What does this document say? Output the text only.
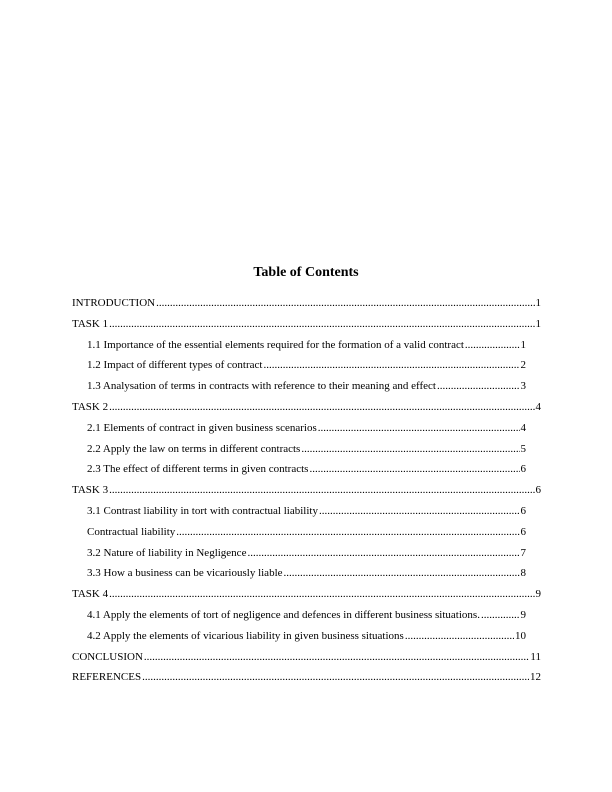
Table of Contents
INTRODUCTION .....	1
TASK 1 .....	1
1.1 Importance of the essential elements required for the formation of a valid contract .....	1
1.2 Impact of different types of contract .....	2
1.3 Analysation of terms in contracts with reference to their meaning and effect .....	3
TASK 2 .....	4
2.1 Elements of contract in given business scenarios .....	4
2.2 Apply the law on terms in different contracts .....	5
2.3 The effect of different terms in given contracts .....	6
TASK 3 .....	6
3.1 Contrast liability in tort with contractual liability .....	6
Contractual liability .....	6
3.2 Nature of liability in Negligence .....	7
3.3 How a business can be vicariously liable .....	8
TASK 4 .....	9
4.1 Apply the elements of tort of negligence and defences in different business situations. .....	9
4.2 Apply the elements of vicarious liability in given business situations .....	10
CONCLUSION .....	11
REFERENCES .....	12
